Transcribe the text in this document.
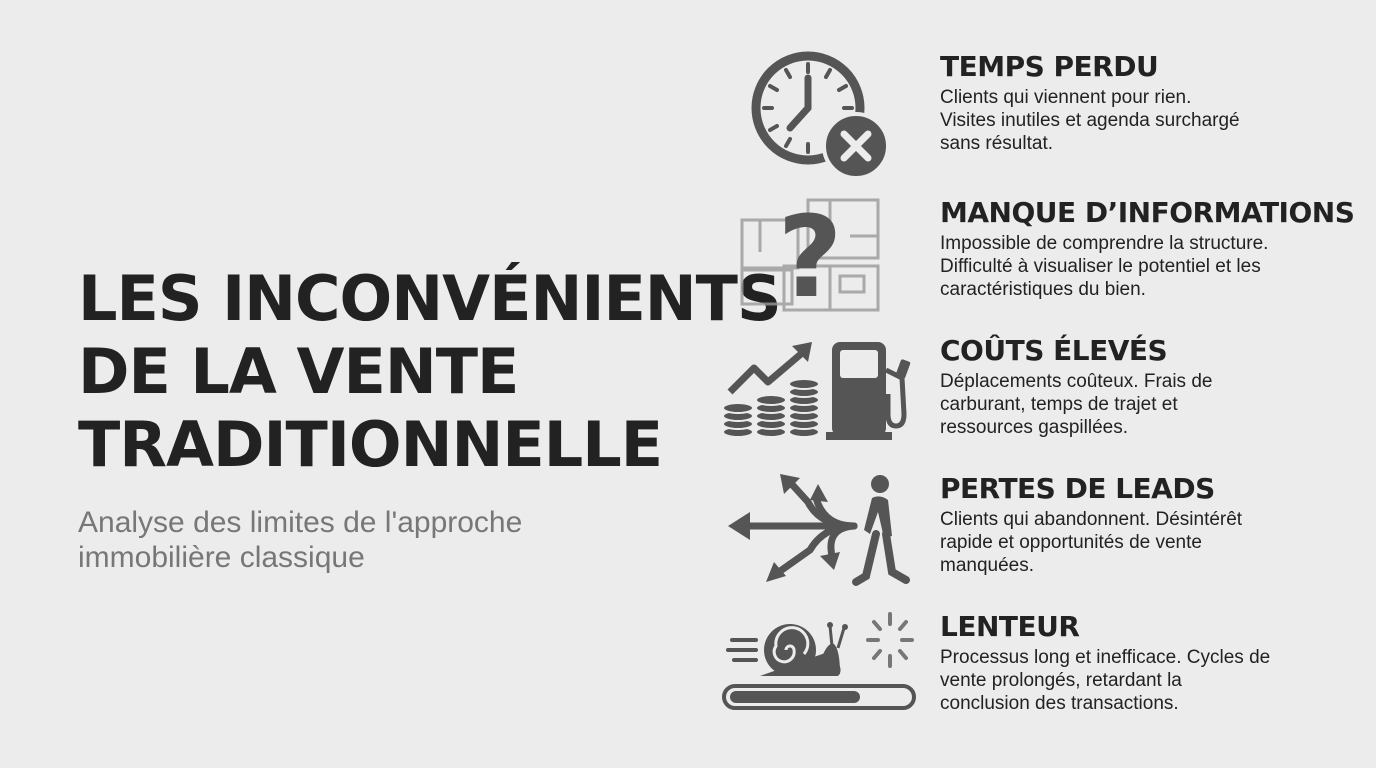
LES INCONVÉNIENTS
DE LA VENTE
TRADITIONNELLE
Analyse des limites de l'approche
immobilière classique
TEMPS PERDU
Clients qui viennent pour rien.
Visites inutiles et agenda surchargé
sans résultat.
?	MANQUE D’INFORMATIONS
Impossible de comprendre la structure.
Difficulté à visualiser le potentiel et les
caractéristiques du bien.
COÛTS ÉLEVÉS
Déplacements coûteux. Frais de
carburant, temps de trajet et
ressources gaspillées.
PERTES DE LEADS
Clients qui abandonnent. Désintérêt
rapide et opportunités de vente
manquées.
LENTEUR
Processus long et inefficace. Cycles de
vente prolongés, retardant la
conclusion des transactions.
